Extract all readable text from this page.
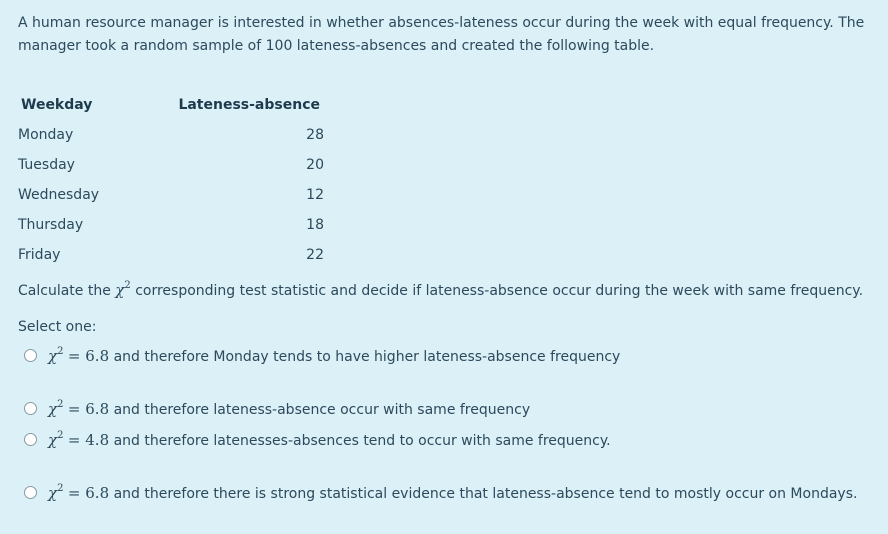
A human resource manager is interested in whether absences-lateness occur during the week with equal frequency. The manager took a random sample of 100 lateness-absences and created the following table.
Weekday	Lateness-absence
Monday	28
Tuesday	20
Wednesday	12
Thursday	18
Friday	22
Calculate the $\chi^2$ corresponding test statistic and decide if lateness-absence occur during the week with same frequency.
Select one:
$\chi^2 = 6.8$ and therefore Monday tends to have higher lateness-absence frequency
$\chi^2 = 6.8$ and therefore lateness-absence occur with same frequency
$\chi^2 = 4.8$ and therefore latenesses-absences tend to occur with same frequency.
$\chi^2 = 6.8$ and therefore there is strong statistical evidence that lateness-absence tend to mostly occur on Mondays.
